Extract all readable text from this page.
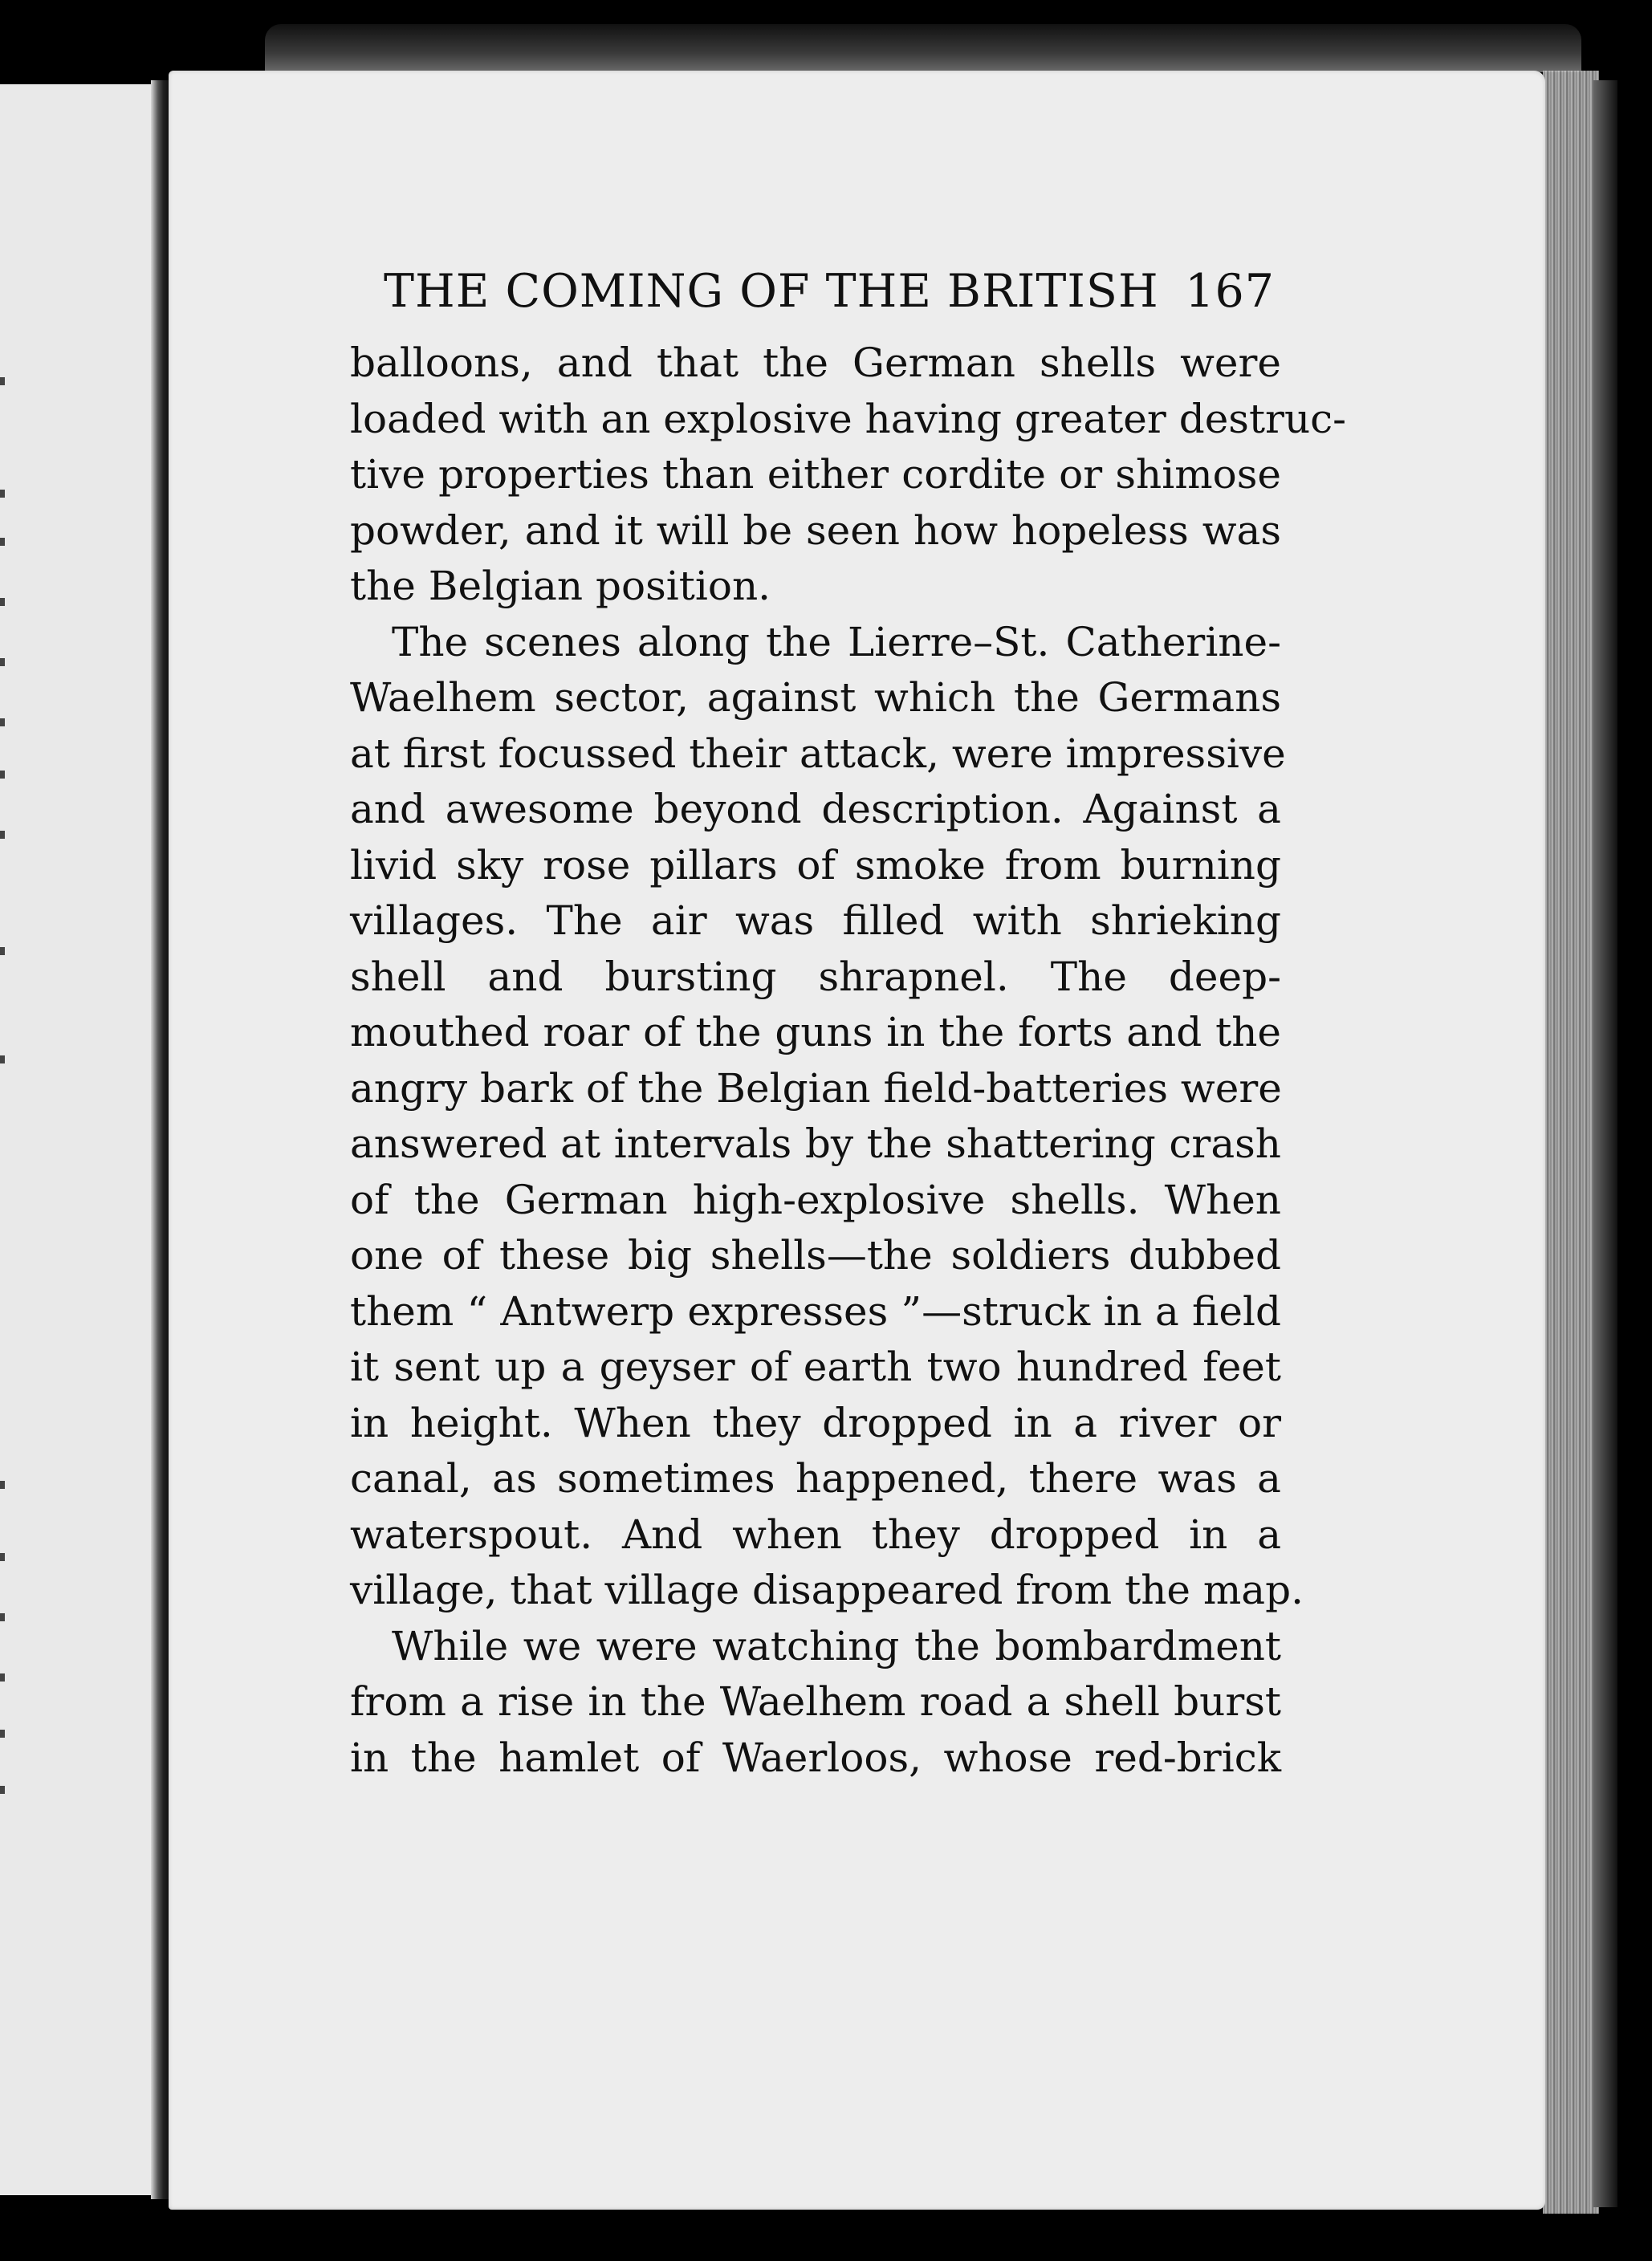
THE COMING OF THE BRITISH 167
balloons, and that the German shells were
loaded with an explosive having greater destruc-
tive properties than either cordite or shimose
powder, and it will be seen how hopeless was
the Belgian position.
The scenes along the Lierre–St. Catherine-
Waelhem sector, against which the Germans
at first focussed their attack, were impressive
and awesome beyond description. Against a
livid sky rose pillars of smoke from burning
villages. The air was filled with shrieking
shell and bursting shrapnel. The deep-
mouthed roar of the guns in the forts and the
angry bark of the Belgian field-batteries were
answered at intervals by the shattering crash
of the German high-explosive shells. When
one of these big shells—the soldiers dubbed
them “ Antwerp expresses ”—struck in a field
it sent up a geyser of earth two hundred feet
in height. When they dropped in a river or
canal, as sometimes happened, there was a
waterspout. And when they dropped in a
village, that village disappeared from the map.
While we were watching the bombardment
from a rise in the Waelhem road a shell burst
in the hamlet of Waerloos, whose red-brick
